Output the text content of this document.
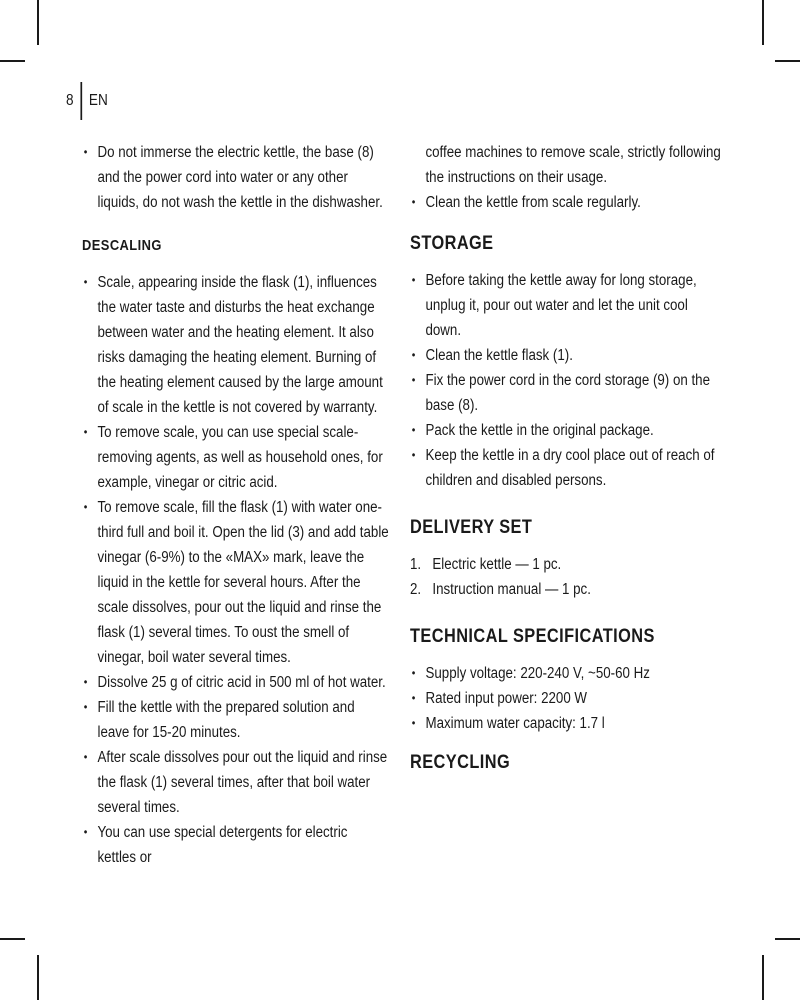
8 EN
• Do not immerse the electric kettle, the base (8) and the power cord into water or any other liquids, do not wash the kettle in the dishwasher.
DESCALING
• Scale, appearing inside the flask (1), influences the water taste and disturbs the heat exchange between water and the heating element. It also risks damaging the heating element. Burning of the heating element caused by the large amount of scale in the kettle is not covered by warranty.
• To remove scale, you can use special scale-removing agents, as well as household ones, for example, vinegar or citric acid.
• To remove scale, fill the flask (1) with water one-third full and boil it. Open the lid (3) and add table vinegar (6-9%) to the «MAX» mark, leave the liquid in the kettle for several hours. After the scale dissolves, pour out the liquid and rinse the flask (1) several times. To oust the smell of vinegar, boil water several times.
• Dissolve 25 g of citric acid in 500 ml of hot water.
• Fill the kettle with the prepared solution and leave for 15-20 minutes.
• After scale dissolves pour out the liquid and rinse the flask (1) several times, after that boil water several times.
• You can use special detergents for electric kettles or
coffee machines to remove scale, strictly following the instructions on their usage.
• Clean the kettle from scale regularly.
STORAGE
• Before taking the kettle away for long storage, unplug it, pour out water and let the unit cool down.
• Clean the kettle flask (1).
• Fix the power cord in the cord storage (9) on the base (8).
• Pack the kettle in the original package.
• Keep the kettle in a dry cool place out of reach of children and disabled persons.
DELIVERY SET
1. Electric kettle — 1 pc.
2. Instruction manual — 1 pc.
TECHNICAL SPECIFICATIONS
• Supply voltage: 220-240 V, ~50-60 Hz
• Rated input power: 2200 W
• Maximum water capacity: 1.7 l
RECYCLING
